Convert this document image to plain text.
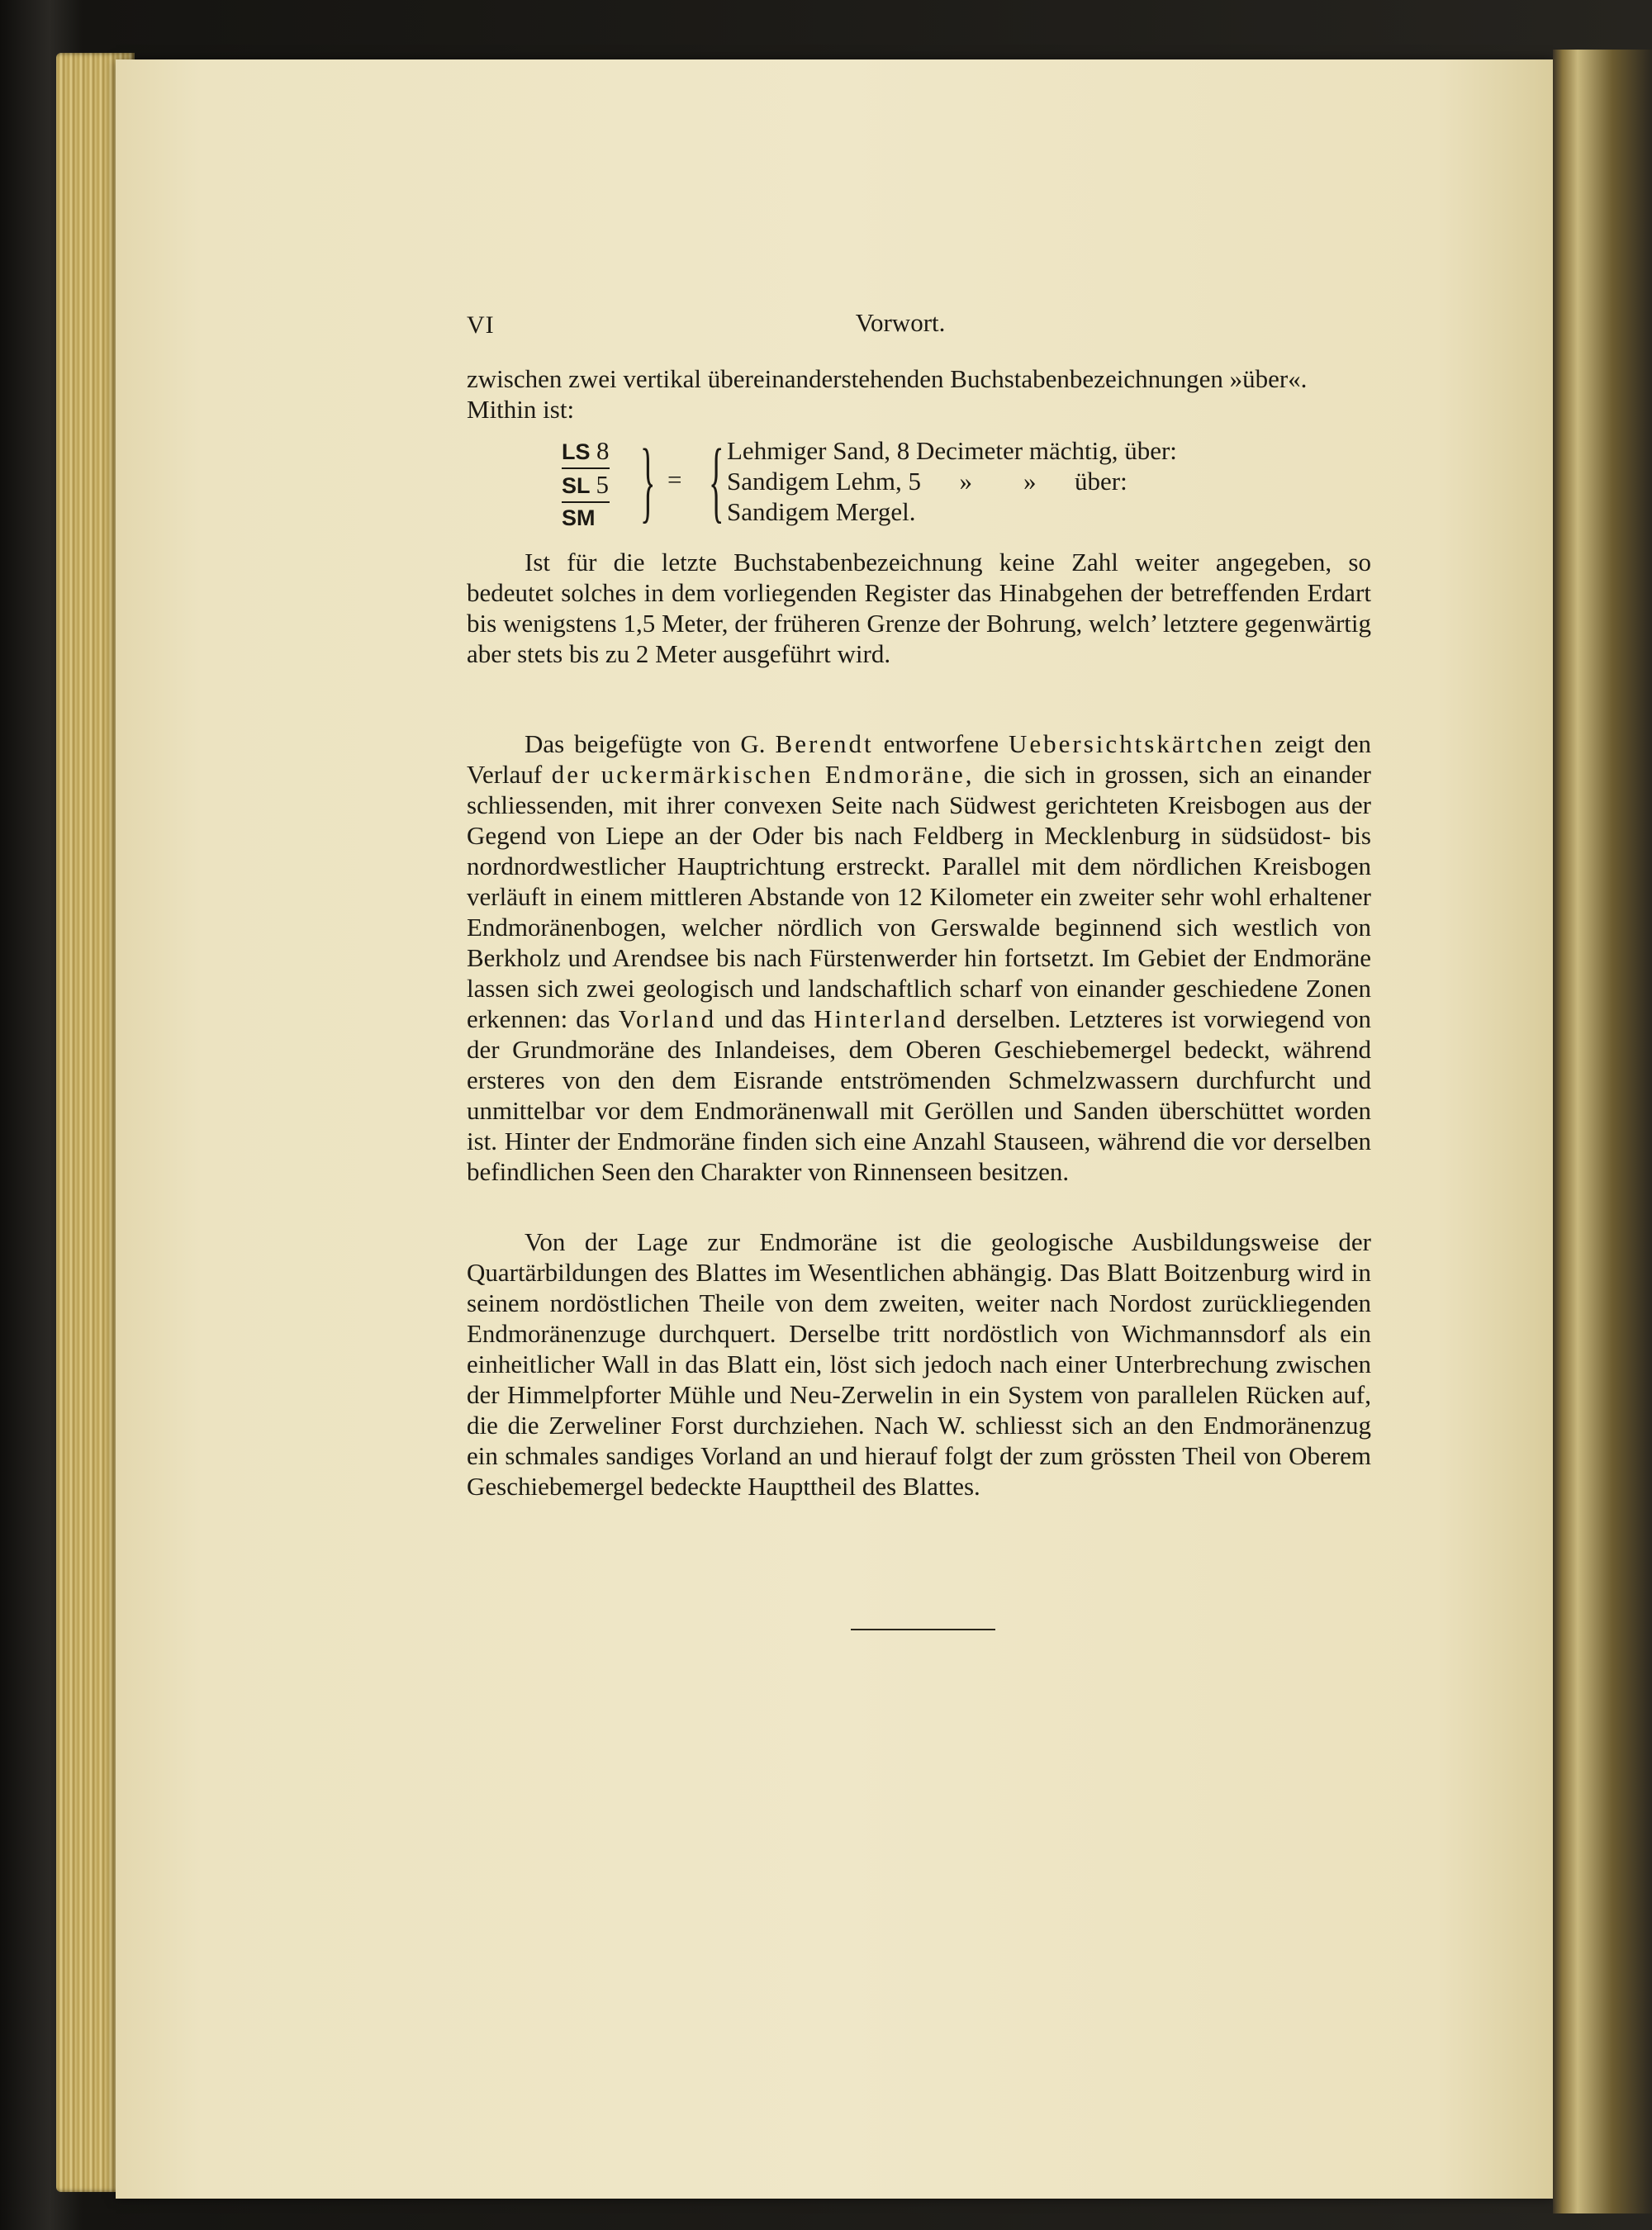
VI	Vorwort.

zwischen zwei vertikal übereinanderstehenden Buchstabenbezeichnungen »über«.

Mithin ist:

LS 8
SL 5
SM } = { Lehmiger Sand, 8 Decimeter mächtig, über:
Sandigem Lehm, 5      »        »      über:
Sandigem Mergel.

Ist für die letzte Buchstabenbezeichnung keine Zahl weiter angegeben, so bedeutet solches in dem vorliegenden Register das Hinabgehen der betreffenden Erdart bis wenigstens 1,5 Meter, der früheren Grenze der Bohrung, welch’ letztere gegenwärtig aber stets bis zu 2 Meter ausgeführt wird.

Das beigefügte von G. Berendt entworfene Uebersichtskärtchen zeigt den Verlauf der uckermärkischen Endmoräne, die sich in grossen, sich an einander schliessenden, mit ihrer convexen Seite nach Südwest gerichteten Kreisbogen aus der Gegend von Liepe an der Oder bis nach Feldberg in Mecklenburg in südsüdost- bis nordnordwestlicher Hauptrichtung erstreckt. Parallel mit dem nördlichen Kreisbogen verläuft in einem mittleren Abstande von 12 Kilometer ein zweiter sehr wohl erhaltener Endmoränenbogen, welcher nördlich von Gerswalde beginnend sich westlich von Berkholz und Arendsee bis nach Fürstenwerder hin fortsetzt. Im Gebiet der Endmoräne lassen sich zwei geologisch und landschaftlich scharf von einander geschiedene Zonen erkennen: das Vorland und das Hinterland derselben. Letzteres ist vorwiegend von der Grundmoräne des Inlandeises, dem Oberen Geschiebemergel bedeckt, während ersteres von den dem Eisrande entströmenden Schmelzwassern durchfurcht und unmittelbar vor dem Endmoränenwall mit Geröllen und Sanden überschüttet worden ist. Hinter der Endmoräne finden sich eine Anzahl Stauseen, während die vor derselben befindlichen Seen den Charakter von Rinnenseen besitzen.

Von der Lage zur Endmoräne ist die geologische Ausbildungsweise der Quartärbildungen des Blattes im Wesentlichen abhängig. Das Blatt Boitzenburg wird in seinem nordöstlichen Theile von dem zweiten, weiter nach Nordost zurückliegenden Endmoränenzuge durchquert. Derselbe tritt nordöstlich von Wichmannsdorf als ein einheitlicher Wall in das Blatt ein, löst sich jedoch nach einer Unterbrechung zwischen der Himmelpforter Mühle und Neu-Zerwelin in ein System von parallelen Rücken auf, die die Zerweliner Forst durchziehen. Nach W. schliesst sich an den Endmoränenzug ein schmales sandiges Vorland an und hierauf folgt der zum grössten Theil von Oberem Geschiebemergel bedeckte Haupttheil des Blattes.
